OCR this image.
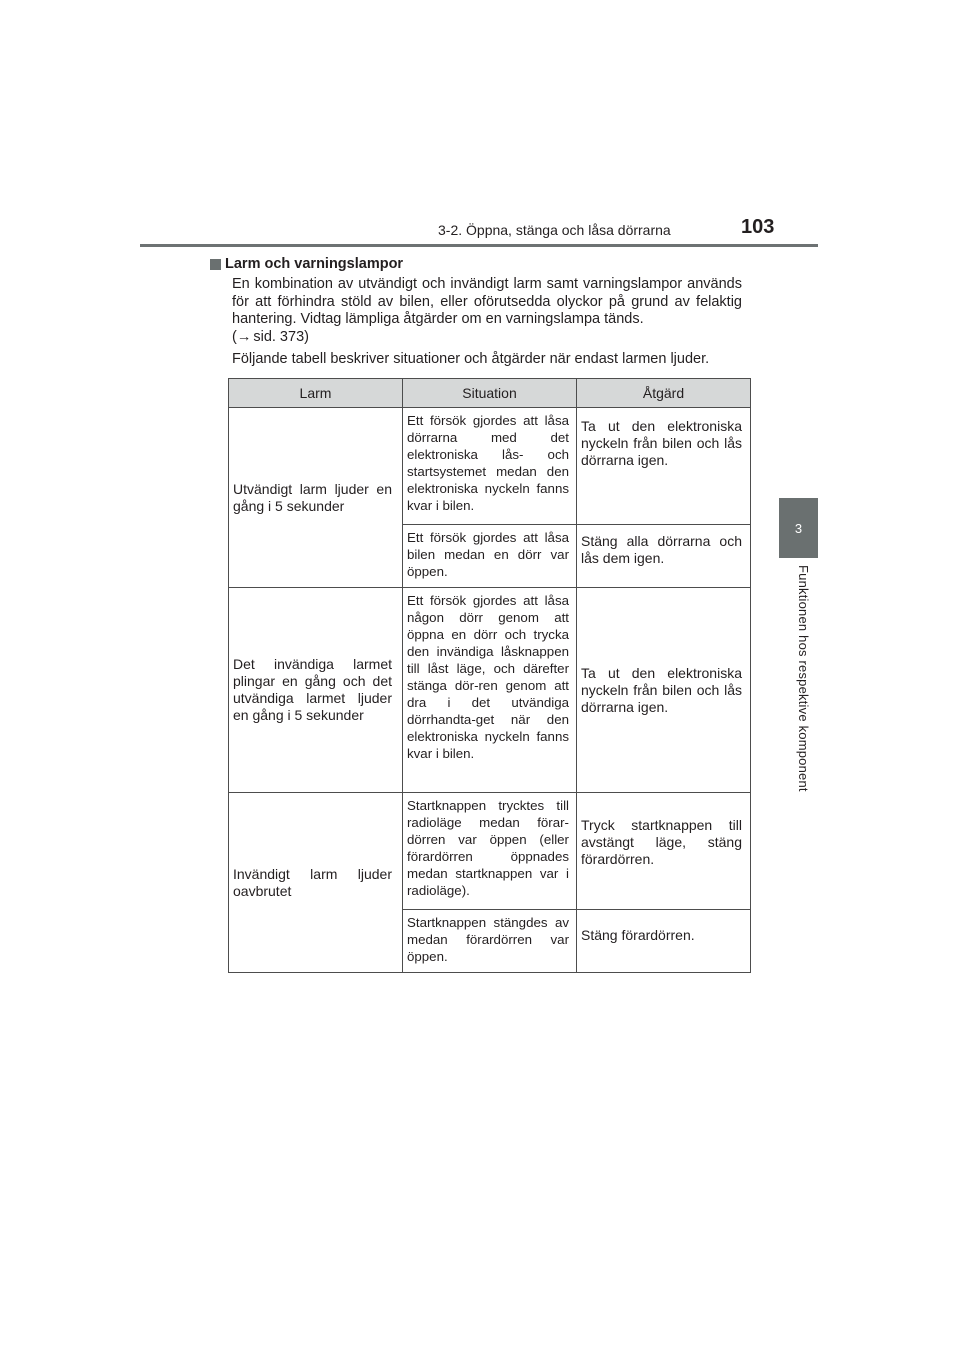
3-2. Öppna, stänga och låsa dörrarna	103
3
Funktionen hos respektive komponent
Larm och varningslampor

En kombination av utvändigt och invändigt larm samt varningslampor används för att förhindra stöld av bilen, eller oförutsedda olyckor på grund av felaktig hantering. Vidtag lämpliga åtgärder om en varningslampa tänds.
(→ sid. 373)

Följande tabell beskriver situationer och åtgärder när endast larmen ljuder.

Larm	Situation	Åtgärd
Utvändigt larm ljuder en gång i 5 sekunder	Ett försök gjordes att låsa dörrarna med det elektroniska lås- och startsystemet medan den elektroniska nyckeln fanns kvar i bilen.	Ta ut den elektroniska nyckeln från bilen och lås dörrarna igen.
	Ett försök gjordes att låsa bilen medan en dörr var öppen.	Stäng alla dörrarna och lås dem igen.
Det invändiga larmet plingar en gång och det utvändiga larmet ljuder en gång i 5 sekunder	Ett försök gjordes att låsa någon dörr genom att öppna en dörr och trycka den invändiga låsknappen till låst läge, och därefter stänga dör-ren genom att dra i det utvändiga dörrhandta-get när den elektroniska nyckeln fanns kvar i bilen.	Ta ut den elektroniska nyckeln från bilen och lås dörrarna igen.
Invändigt larm ljuder oavbrutet	Startknappen trycktes till radioläge medan förar-dörren var öppen (eller förardörren öppnades medan startknappen var i radioläge).	Tryck startknappen till avstängt läge, stäng förardörren.
	Startknappen stängdes av medan förardörren var öppen.	Stäng förardörren.
